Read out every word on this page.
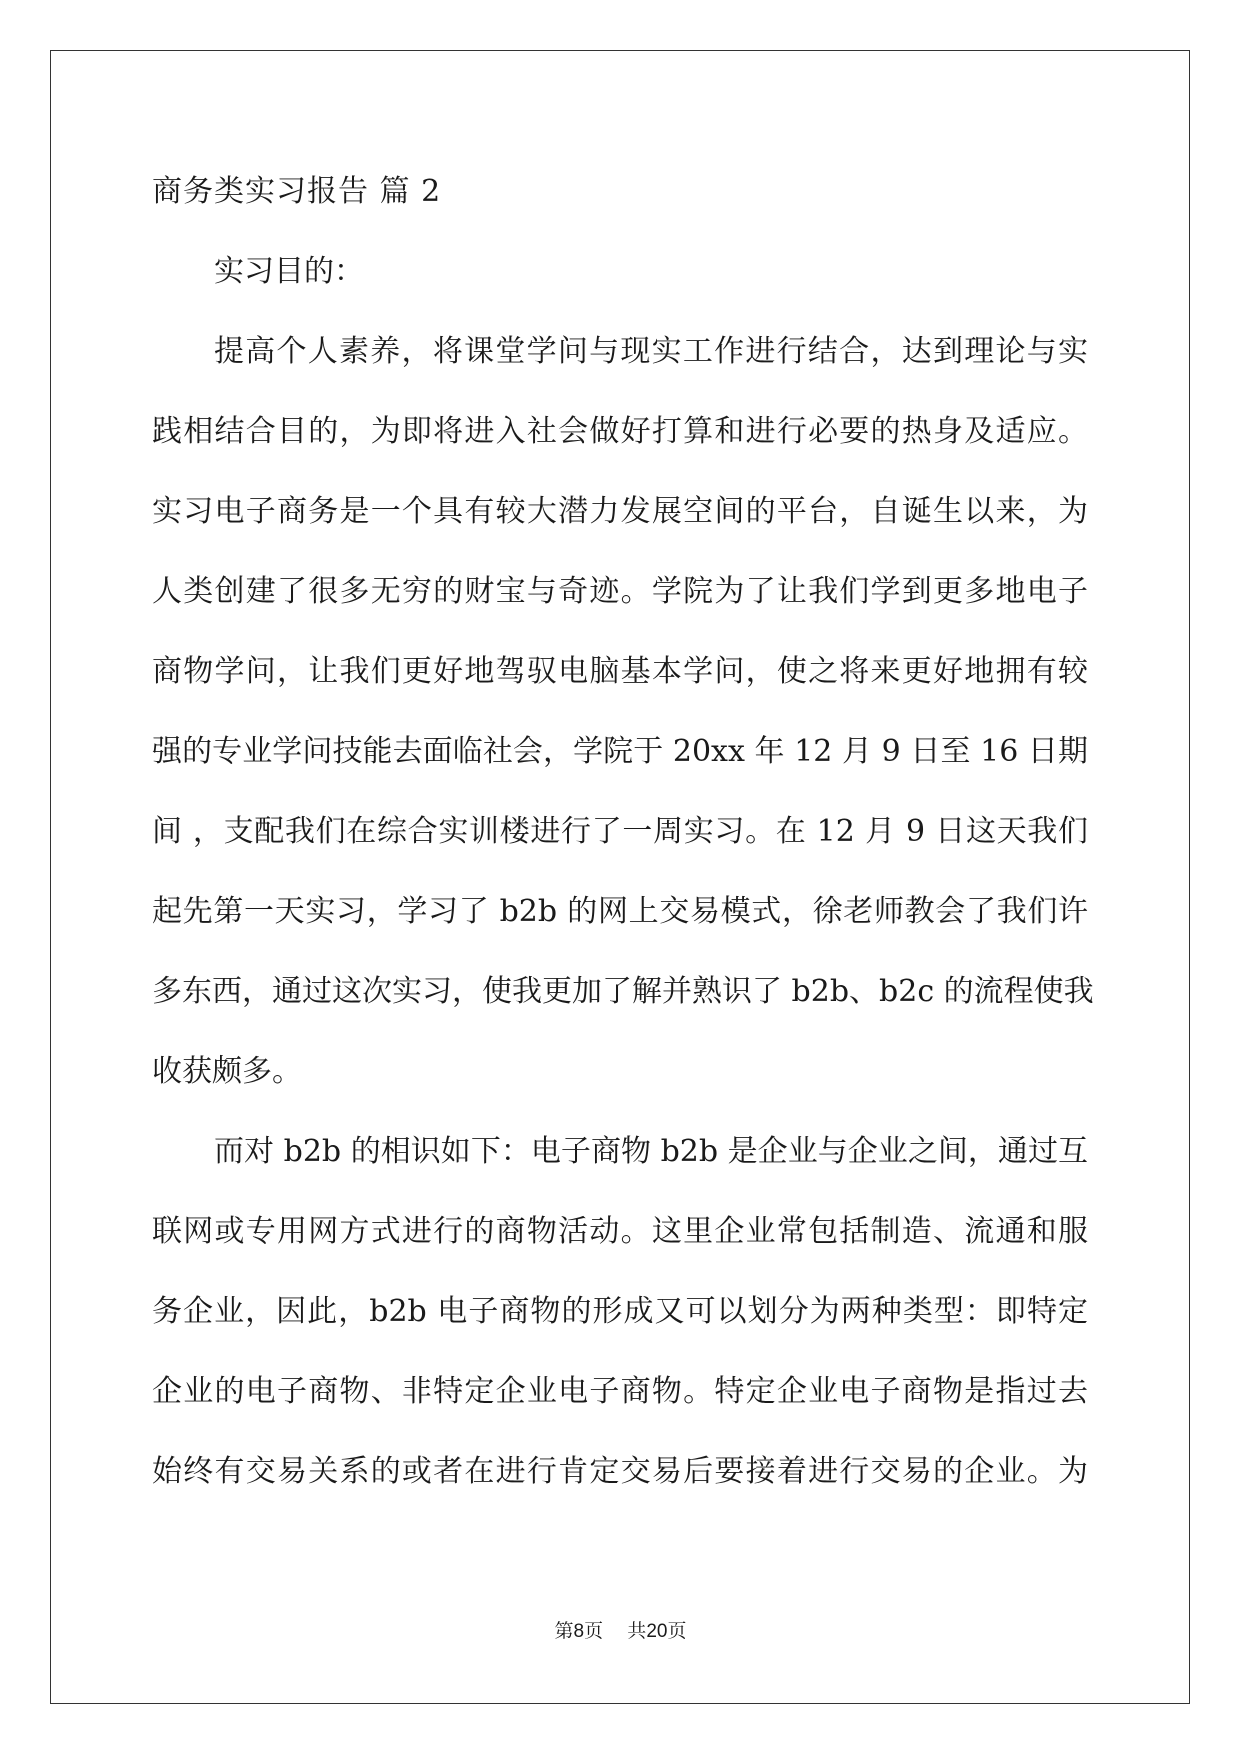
商务类实习报告 篇 2

实习目的：

提高个人素养，将课堂学问与现实工作进行结合，达到理论与实

践相结合目的，为即将进入社会做好打算和进行必要的热身及适应。

实习电子商务是一个具有较大潜力发展空间的平台，自诞生以来，为

人类创建了很多无穷的财宝与奇迹。学院为了让我们学到更多地电子

商物学问，让我们更好地驾驭电脑基本学问，使之将来更好地拥有较

强的专业学问技能去面临社会，学院于 20xx 年 12 月 9 日至 16 日期

间 ，支配我们在综合实训楼进行了一周实习。在 12 月 9 日这天我们

起先第一天实习，学习了 b2b 的网上交易模式，徐老师教会了我们许

多东西，通过这次实习，使我更加了解并熟识了 b2b、b2c 的流程使我

收获颇多。

而对 b2b 的相识如下：电子商物 b2b 是企业与企业之间，通过互

联网或专用网方式进行的商物活动。这里企业常包括制造、流通和服

务企业，因此，b2b 电子商物的形成又可以划分为两种类型：即特定

企业的电子商物、非特定企业电子商物。特定企业电子商物是指过去

始终有交易关系的或者在进行肯定交易后要接着进行交易的企业。为

第8页 共20页
